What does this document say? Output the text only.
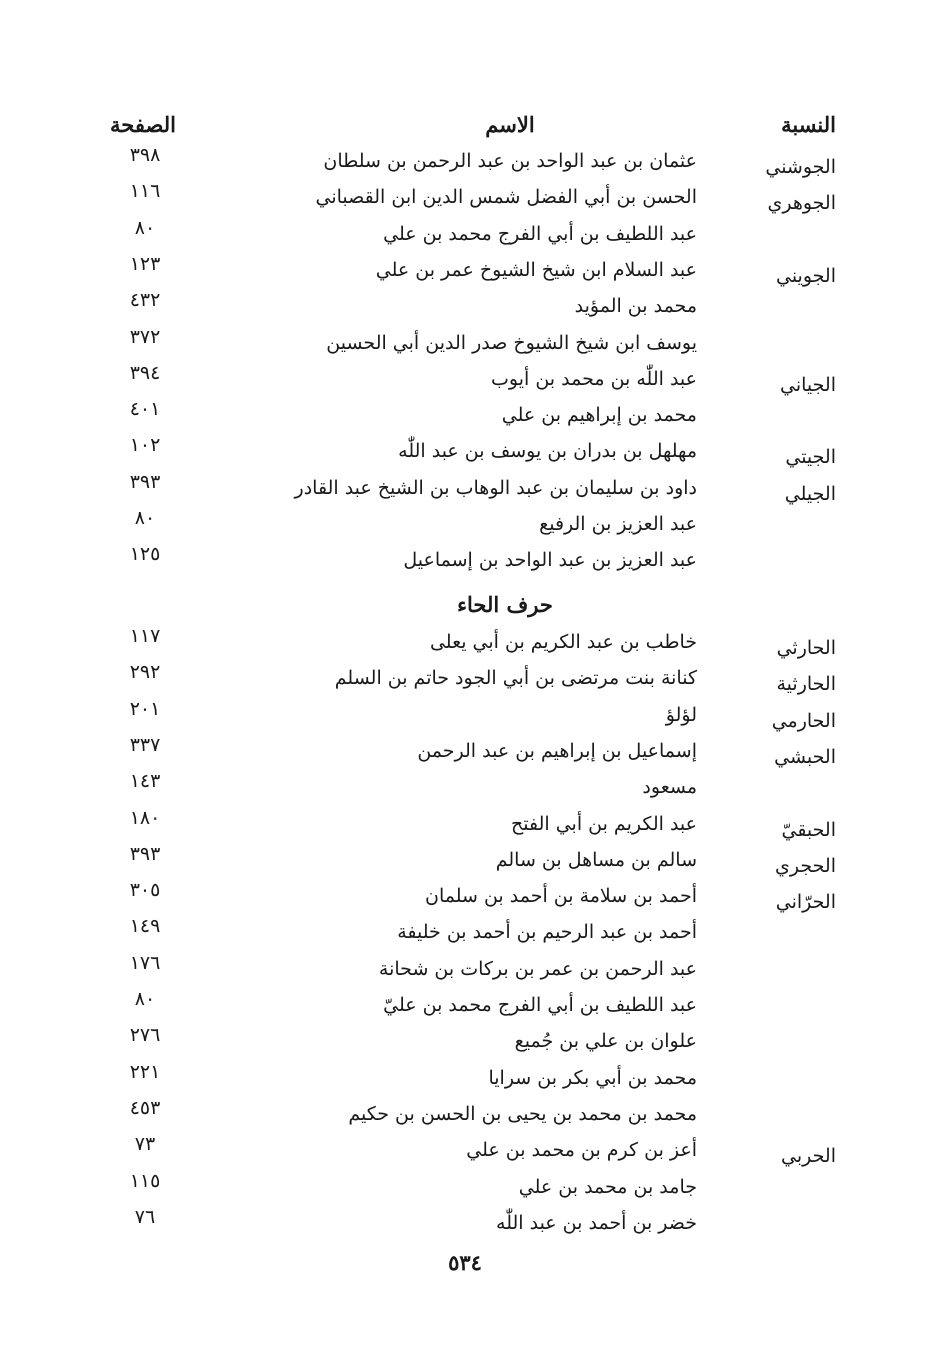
النسبة
الاسم
الصفحة
الجوشني
عثمان بن عبد الواحد بن عبد الرحمن بن سلطان
٣٩٨
الجوهري
الحسن بن أبي الفضل شمس الدين ابن القصباني
١١٦
عبد اللطيف بن أبي الفرج محمد بن علي
٨٠
الجويني
عبد السلام ابن شيخ الشيوخ عمر بن علي
١٢٣
محمد بن المؤيد
٤٣٢
يوسف ابن شيخ الشيوخ صدر الدين أبي الحسين
٣٧٢
الجياني
عبد اللّٰه بن محمد بن أيوب
٣٩٤
محمد بن إبراهيم بن علي
٤٠١
الجيتي
مهلهل بن بدران بن يوسف بن عبد اللّٰه
١٠٢
الجيلي
داود بن سليمان بن عبد الوهاب بن الشيخ عبد القادر
٣٩٣
عبد العزيز بن الرفيع
٨٠
عبد العزيز بن عبد الواحد بن إسماعيل
١٢٥
حرف الحاء
الحارثي
خاطب بن عبد الكريم بن أبي يعلى
١١٧
الحارثية
كنانة بنت مرتضى بن أبي الجود حاتم بن السلم
٢٩٢
الحارمي
لؤلؤ
٢٠١
الحبشي
إسماعيل بن إبراهيم بن عبد الرحمن
٣٣٧
مسعود
١٤٣
الحبقيّ
عبد الكريم بن أبي الفتح
١٨٠
الحجري
سالم بن مساهل بن سالم
٣٩٣
الحرّاني
أحمد بن سلامة بن أحمد بن سلمان
٣٠٥
أحمد بن عبد الرحيم بن أحمد بن خليفة
١٤٩
عبد الرحمن بن عمر بن بركات بن شحانة
١٧٦
عبد اللطيف بن أبي الفرج محمد بن عليّ
٨٠
علوان بن علي بن جُميع
٢٧٦
محمد بن أبي بكر بن سرايا
٢٢١
محمد بن محمد بن يحيى بن الحسن بن حكيم
٤٥٣
الحربي
أعز بن كرم بن محمد بن علي
٧٣
جامد بن محمد بن علي
١١٥
خضر بن أحمد بن عبد اللّٰه
٧٦
٥٣٤
